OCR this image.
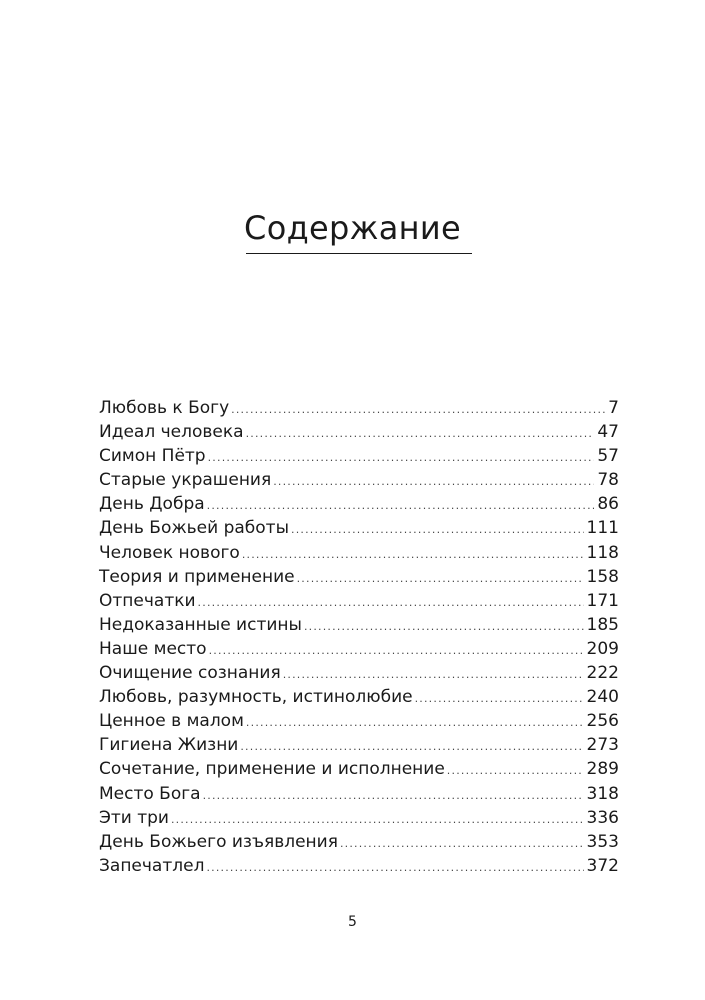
Содержание
Любовь к Богу .....	7
Идеал человека .....	47
Симон Пётр .....	57
Старые украшения .....	78
День Добра .....	86
День Божьей работы .....	111
Человек нового .....	118
Теория и применение .....	158
Отпечатки .....	171
Недоказанные истины .....	185
Наше место .....	209
Очищение сознания .....	222
Любовь, разумность, истинолюбие .....	240
Ценное в малом .....	256
Гигиена Жизни .....	273
Сочетание, применение и исполнение .....	289
Место Бога .....	318
Эти три .....	336
День Божьего изъявления .....	353
Запечатлел .....	372
5
